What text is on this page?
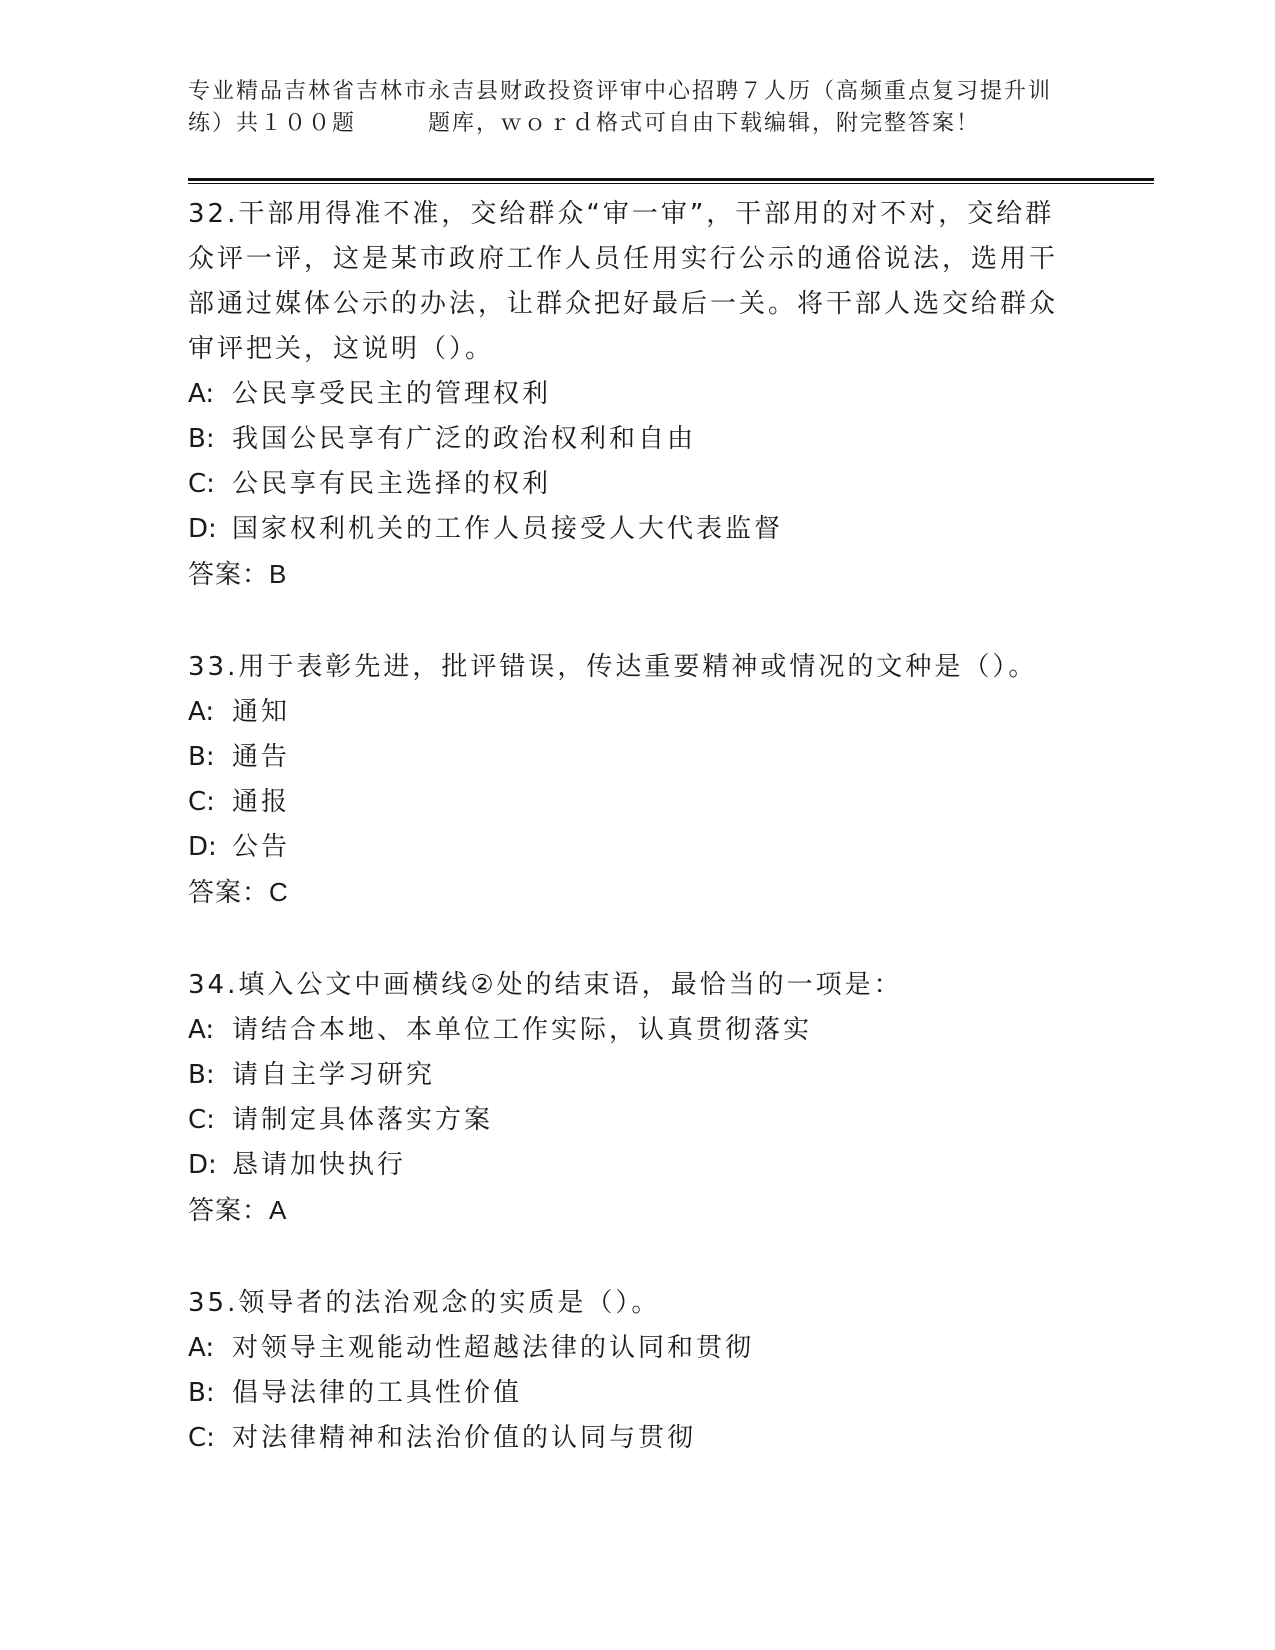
专业精品吉林省吉林市永吉县财政投资评审中心招聘７人历（高频重点复习提升训
练）共１００题	题库，ｗｏｒｄ格式可自由下载编辑，附完整答案！
32.干部用得准不准，交给群众“审一审”，干部用的对不对，交给群
众评一评，这是某市政府工作人员任用实行公示的通俗说法，选用干
部通过媒体公示的办法，让群众把好最后一关。将干部人选交给群众
审评把关，这说明（）。
A: 公民享受民主的管理权利
B: 我国公民享有广泛的政治权利和自由
C: 公民享有民主选择的权利
D: 国家权利机关的工作人员接受人大代表监督
答案：B
33.用于表彰先进，批评错误，传达重要精神或情况的文种是（）。
A: 通知
B: 通告
C: 通报
D: 公告
答案：C
34.填入公文中画横线②处的结束语，最恰当的一项是：
A: 请结合本地、本单位工作实际，认真贯彻落实
B: 请自主学习研究
C: 请制定具体落实方案
D: 恳请加快执行
答案：A
35.领导者的法治观念的实质是（）。
A: 对领导主观能动性超越法律的认同和贯彻
B: 倡导法律的工具性价值
C: 对法律精神和法治价值的认同与贯彻
